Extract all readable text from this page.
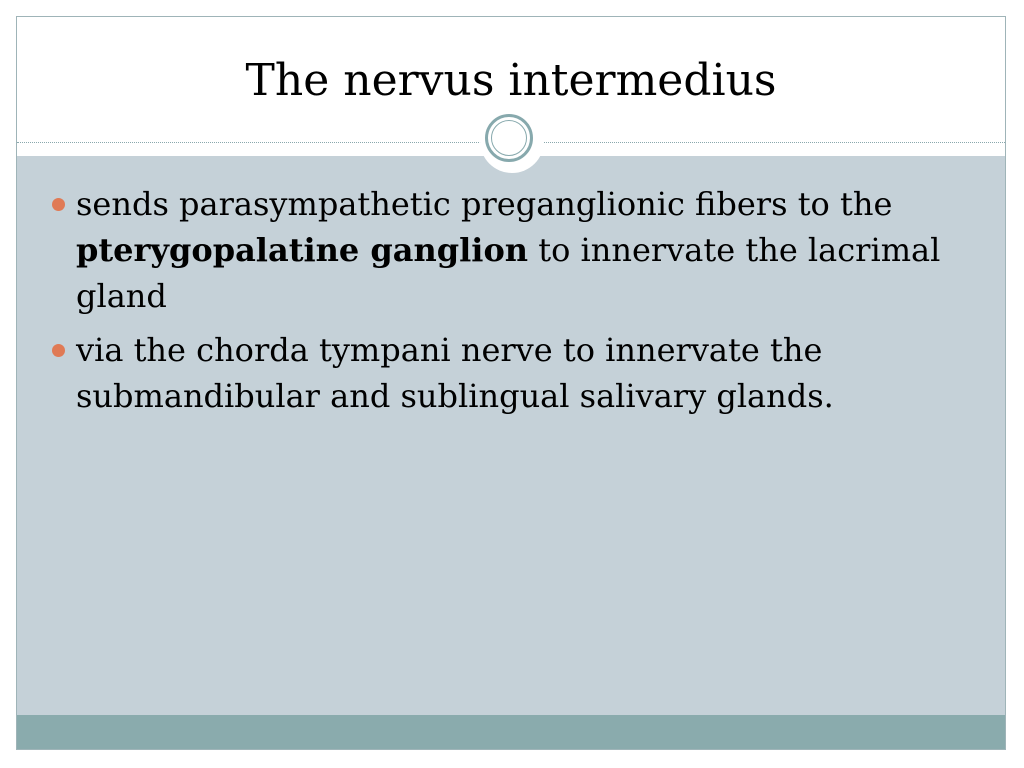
The nervus intermedius
sends parasympathetic preganglionic fibers to the pterygopalatine ganglion to innervate the lacrimal gland
via the chorda tympani nerve to innervate the submandibular and sublingual salivary glands.
